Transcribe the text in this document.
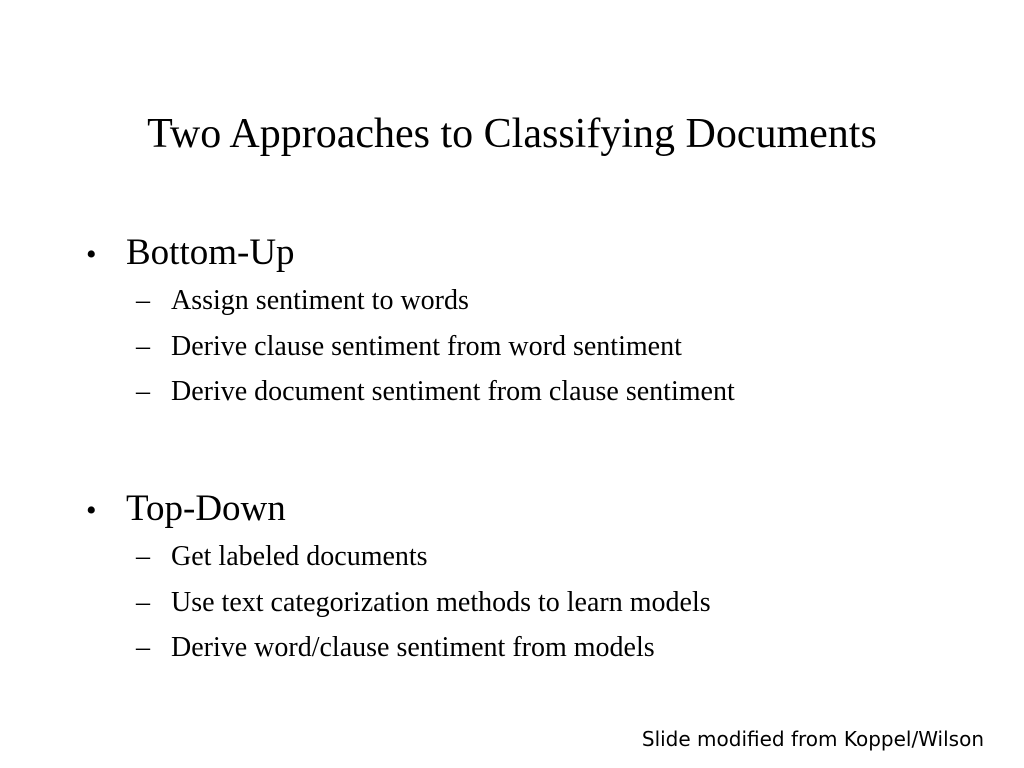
Two Approaches to Classifying Documents
• Bottom-Up
– Assign sentiment to words
– Derive clause sentiment from word sentiment
– Derive document sentiment from clause sentiment
• Top-Down
– Get labeled documents
– Use text categorization methods to learn models
– Derive word/clause sentiment from models
Slide modified from Koppel/Wilson
